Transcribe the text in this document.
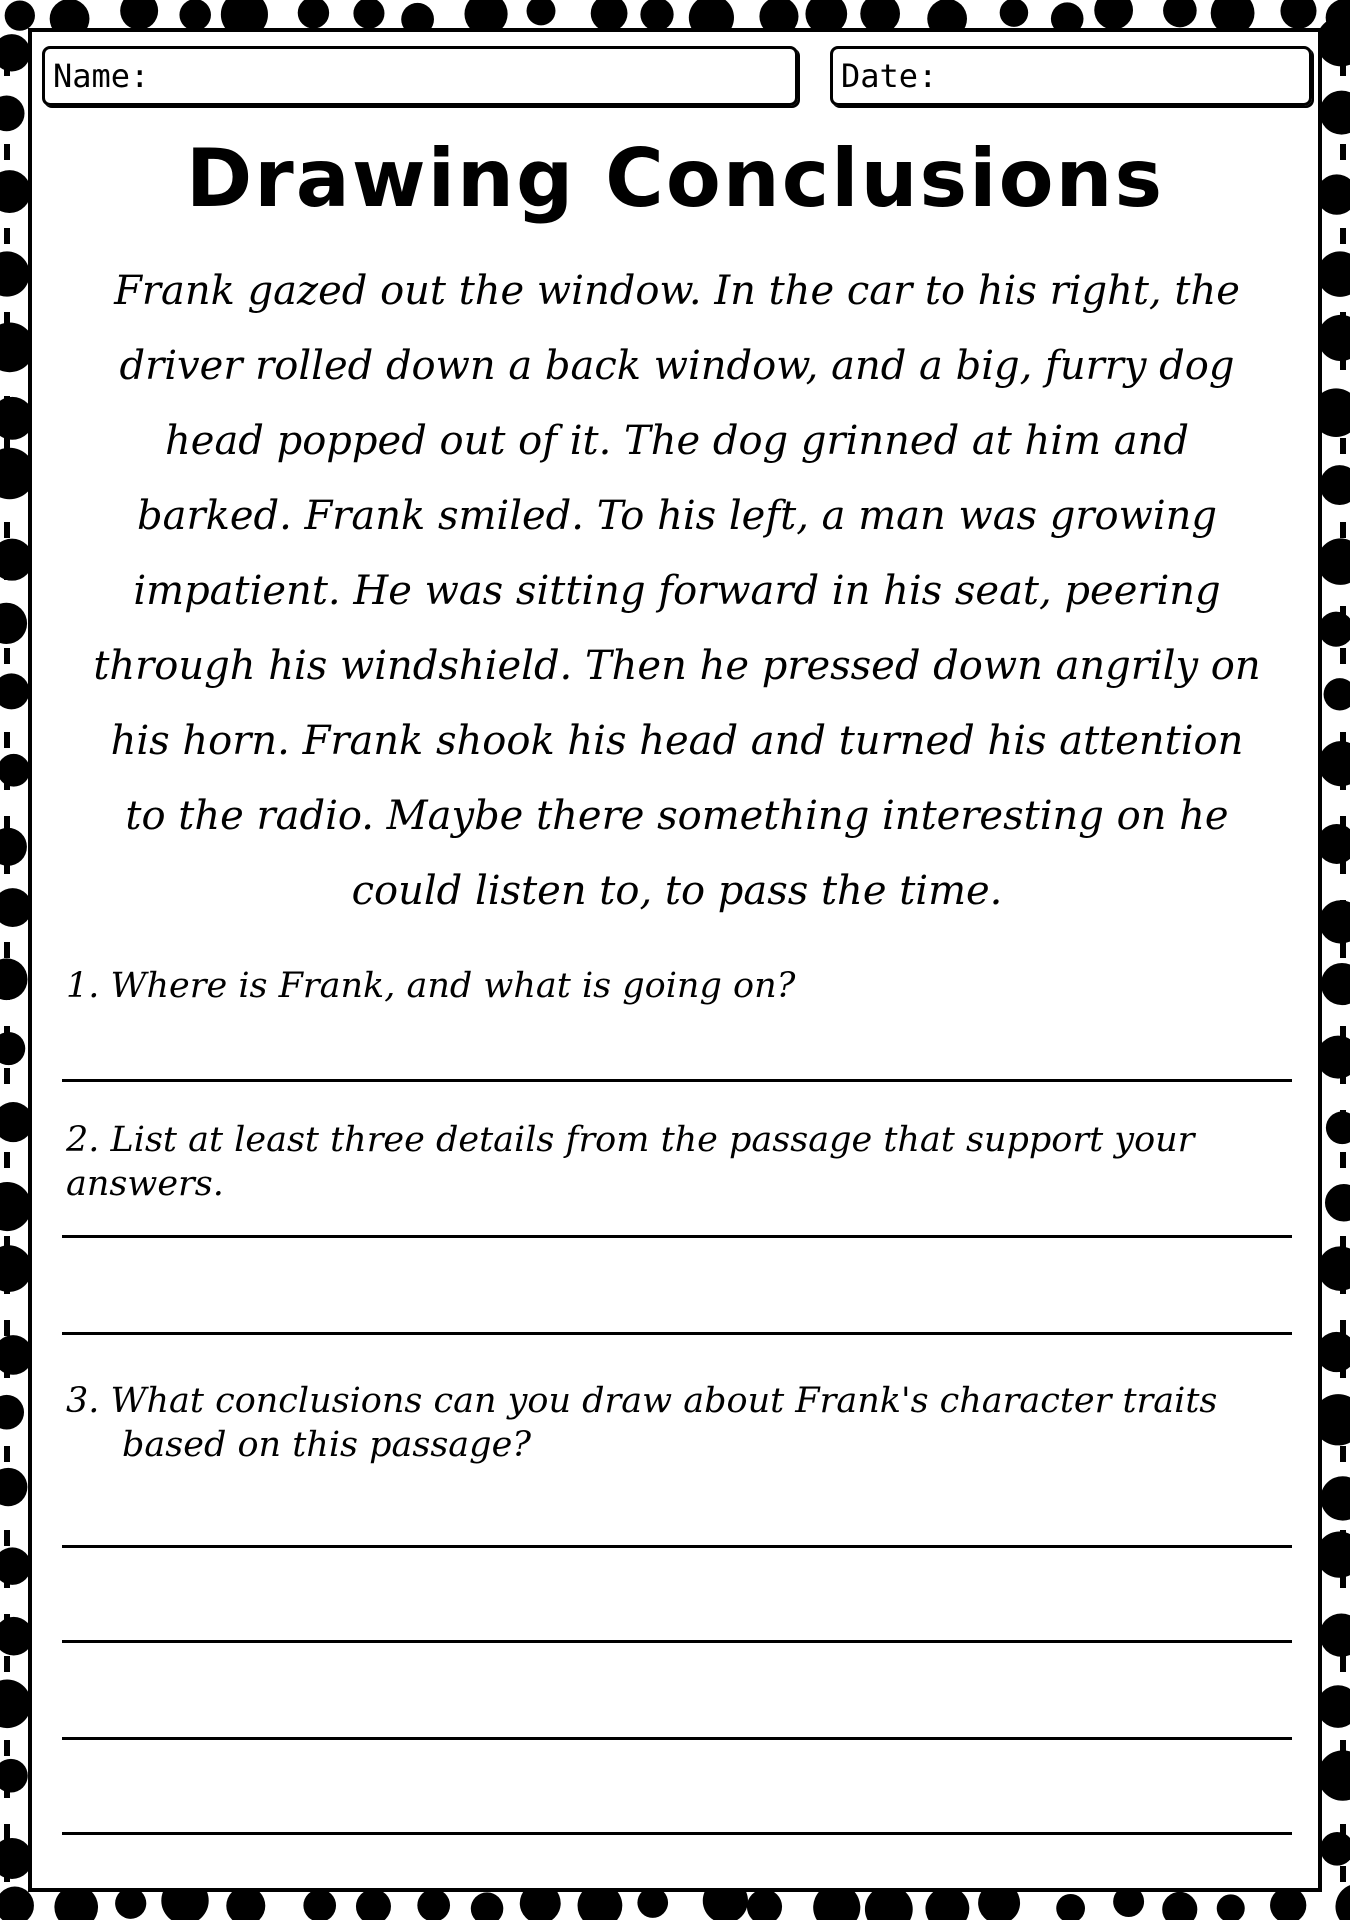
Name:	Date:
Drawing Conclusions

Frank gazed out the window. In the car to his right, the driver rolled down a back window, and a big, furry dog head popped out of it. The dog grinned at him and barked. Frank smiled. To his left, a man was growing impatient. He was sitting forward in his seat, peering through his windshield. Then he pressed down angrily on his horn. Frank shook his head and turned his attention to the radio. Maybe there something interesting on he could listen to, to pass the time.

1. Where is Frank, and what is going on?

2. List at least three details from the passage that support your answers.

3. What conclusions can you draw about Frank's character traits based on this passage?
